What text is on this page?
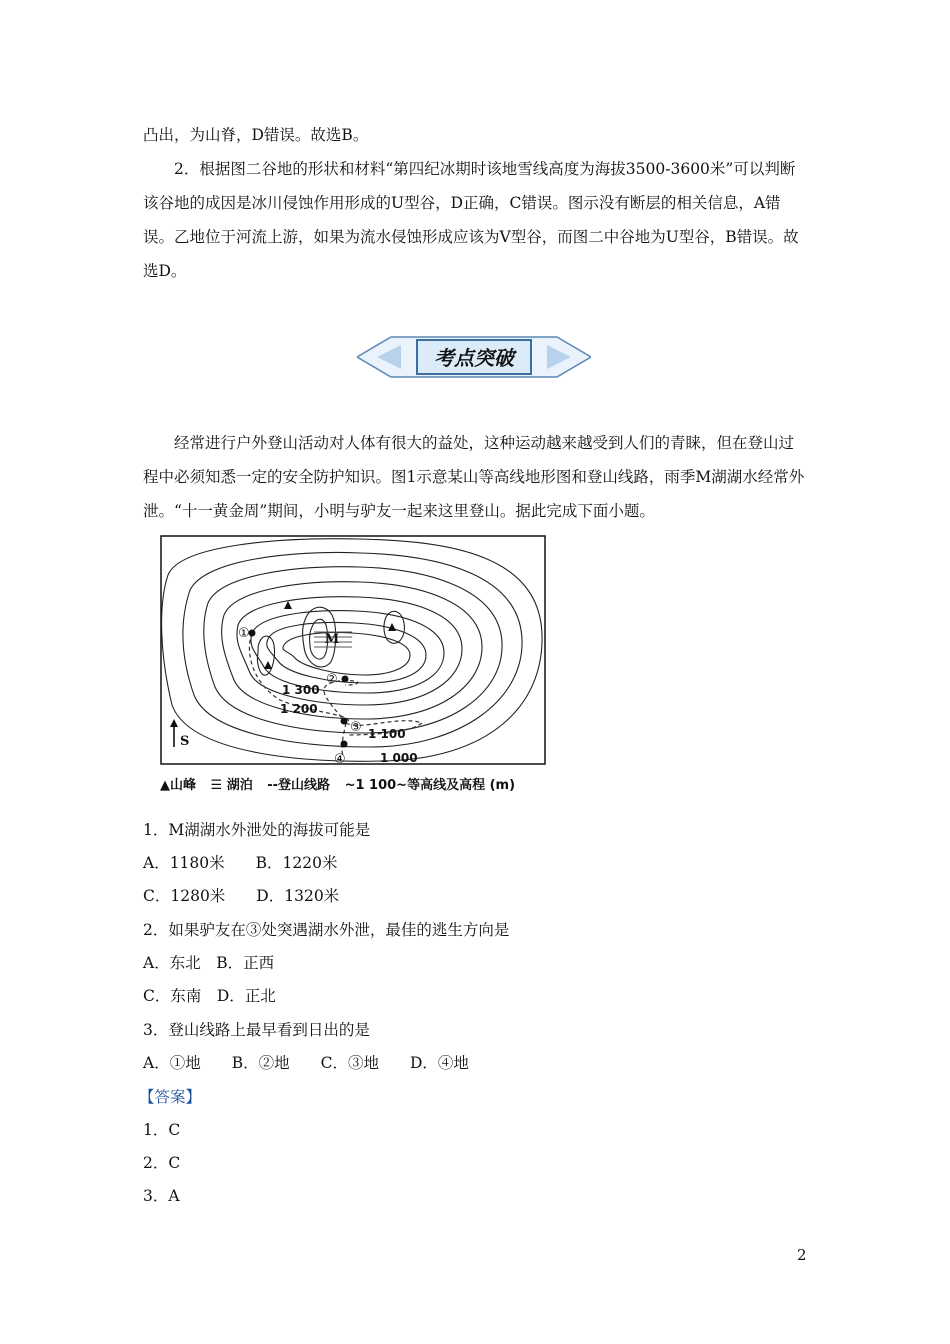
凸出，为山脊，D错误。故选B。

2．根据图二谷地的形状和材料“第四纪冰期时该地雪线高度为海拔3500-3600米”可以判断该谷地的成因是冰川侵蚀作用形成的U型谷，D正确，C错误。图示没有断层的相关信息，A错误。乙地位于河流上游，如果为流水侵蚀形成应该为V型谷，而图二中谷地为U型谷，B错误。故选D。

考点突破

经常进行户外登山活动对人体有很大的益处，这种运动越来越受到人们的青睐，但在登山过程中必须知悉一定的安全防护知识。图1示意某山等高线地形图和登山线路，雨季M湖湖水经常外泄。“十一黄金周”期间，小明与驴友一起来这里登山。据此完成下面小题。

M
①
②
③
④
1 300
1 200
1 100
1 000
S
▲山峰 ☰ 湖泊 --登山线路 ~1 100~等高线及高程 (m)
1．M湖湖水外泄处的海拔可能是
A．1180米　　B．1220米
C．1280米　　D．1320米
2．如果驴友在③处突遇湖水外泄，最佳的逃生方向是
A．东北　B．正西
C．东南　D．正北
3．登山线路上最早看到日出的是
A．①地　　B．②地　　C．③地　　D．④地
【答案】
1．C
2．C
3．A
2
